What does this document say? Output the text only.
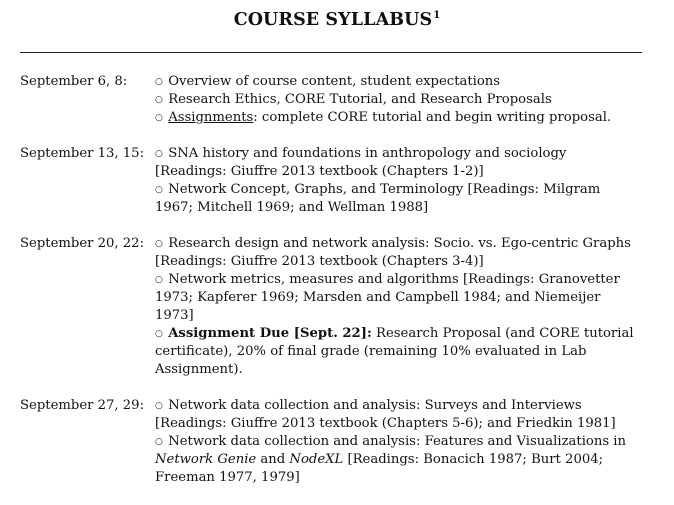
COURSE SYLLABUS$^1$
September 6, 8:	○ Overview of course content, student expectations
○ Research Ethics, CORE Tutorial, and Research Proposals
○ Assignments: complete CORE tutorial and begin writing proposal.
September 13, 15:	○ SNA history and foundations in anthropology and sociology [Readings: Giuffre 2013 textbook (Chapters 1-2)]
○ Network Concept, Graphs, and Terminology [Readings: Milgram 1967; Mitchell 1969; and Wellman 1988]
September 20, 22:	○ Research design and network analysis: Socio. vs. Ego-centric Graphs [Readings: Giuffre 2013 textbook (Chapters 3-4)]
○ Network metrics, measures and algorithms [Readings: Granovetter 1973; Kapferer 1969; Marsden and Campbell 1984; and Niemeijer 1973]
○ Assignment Due [Sept. 22]: Research Proposal (and CORE tutorial certificate), 20% of final grade (remaining 10% evaluated in Lab Assignment).
September 27, 29:	○ Network data collection and analysis: Surveys and Interviews [Readings: Giuffre 2013 textbook (Chapters 5-6); and Friedkin 1981]
○ Network data collection and analysis: Features and Visualizations in Network Genie and NodeXL [Readings: Bonacich 1987; Burt 2004; Freeman 1977, 1979]
